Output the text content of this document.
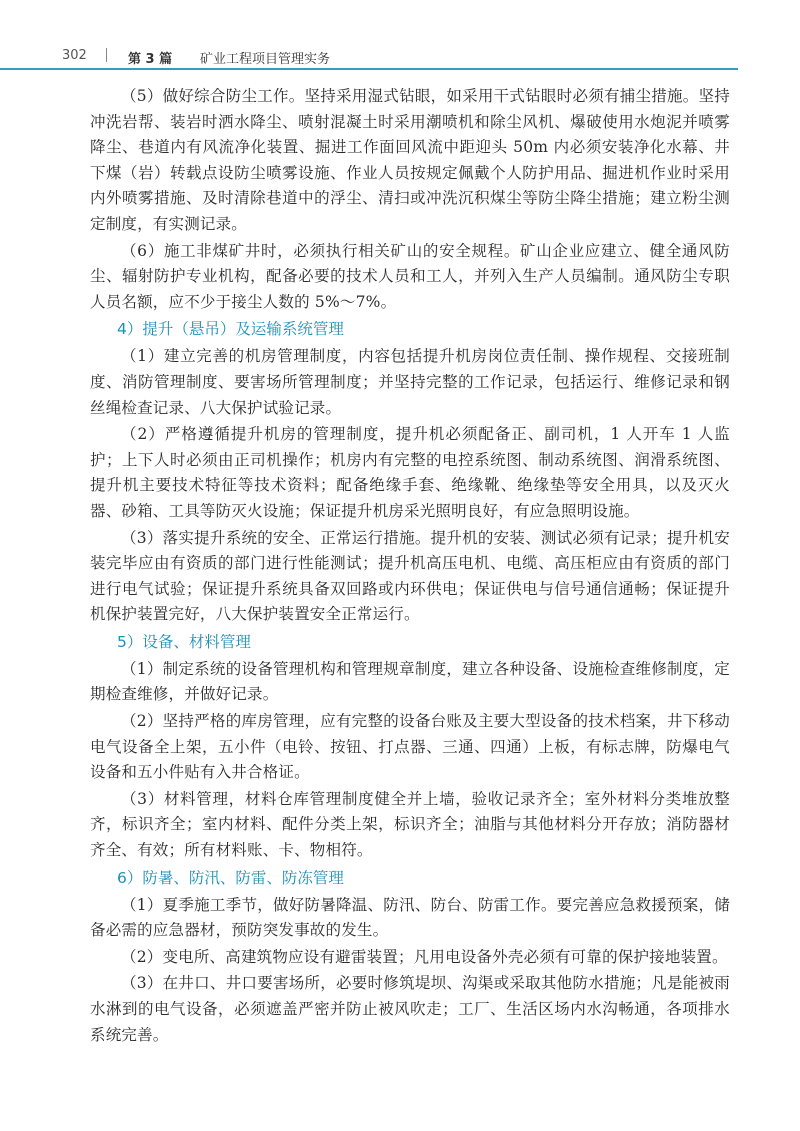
302	第 3 篇 矿业工程项目管理实务

（5）做好综合防尘工作。坚持采用湿式钻眼，如采用干式钻眼时必须有捕尘措施。坚持冲洗岩帮、装岩时洒水降尘、喷射混凝土时采用潮喷机和除尘风机、爆破使用水炮泥并喷雾降尘、巷道内有风流净化装置、掘进工作面回风流中距迎头 50m 内必须安装净化水幕、井下煤（岩）转载点设防尘喷雾设施、作业人员按规定佩戴个人防护用品、掘进机作业时采用内外喷雾措施、及时清除巷道中的浮尘、清扫或冲洗沉积煤尘等防尘降尘措施；建立粉尘测定制度，有实测记录。

（6）施工非煤矿井时，必须执行相关矿山的安全规程。矿山企业应建立、健全通风防尘、辐射防护专业机构，配备必要的技术人员和工人，并列入生产人员编制。通风防尘专职人员名额，应不少于接尘人数的 5%～7%。

4）提升（悬吊）及运输系统管理

（1）建立完善的机房管理制度，内容包括提升机房岗位责任制、操作规程、交接班制度、消防管理制度、要害场所管理制度；并坚持完整的工作记录，包括运行、维修记录和钢丝绳检查记录、八大保护试验记录。

（2）严格遵循提升机房的管理制度，提升机必须配备正、副司机，1 人开车 1 人监护；上下人时必须由正司机操作；机房内有完整的电控系统图、制动系统图、润滑系统图、提升机主要技术特征等技术资料；配备绝缘手套、绝缘靴、绝缘垫等安全用具，以及灭火器、砂箱、工具等防灭火设施；保证提升机房采光照明良好，有应急照明设施。

（3）落实提升系统的安全、正常运行措施。提升机的安装、测试必须有记录；提升机安装完毕应由有资质的部门进行性能测试；提升机高压电机、电缆、高压柜应由有资质的部门进行电气试验；保证提升系统具备双回路或内环供电；保证供电与信号通信通畅；保证提升机保护装置完好，八大保护装置安全正常运行。

5）设备、材料管理

（1）制定系统的设备管理机构和管理规章制度，建立各种设备、设施检查维修制度，定期检查维修，并做好记录。

（2）坚持严格的库房管理，应有完整的设备台账及主要大型设备的技术档案，井下移动电气设备全上架，五小件（电铃、按钮、打点器、三通、四通）上板，有标志牌，防爆电气设备和五小件贴有入井合格证。

（3）材料管理，材料仓库管理制度健全并上墙，验收记录齐全；室外材料分类堆放整齐，标识齐全；室内材料、配件分类上架，标识齐全；油脂与其他材料分开存放；消防器材齐全、有效；所有材料账、卡、物相符。

6）防暑、防汛、防雷、防冻管理

（1）夏季施工季节，做好防暑降温、防汛、防台、防雷工作。要完善应急救援预案，储备必需的应急器材，预防突发事故的发生。

（2）变电所、高建筑物应设有避雷装置；凡用电设备外壳必须有可靠的保护接地装置。

（3）在井口、井口要害场所，必要时修筑堤坝、沟渠或采取其他防水措施；凡是能被雨水淋到的电气设备，必须遮盖严密并防止被风吹走；工厂、生活区场内水沟畅通，各项排水系统完善。
